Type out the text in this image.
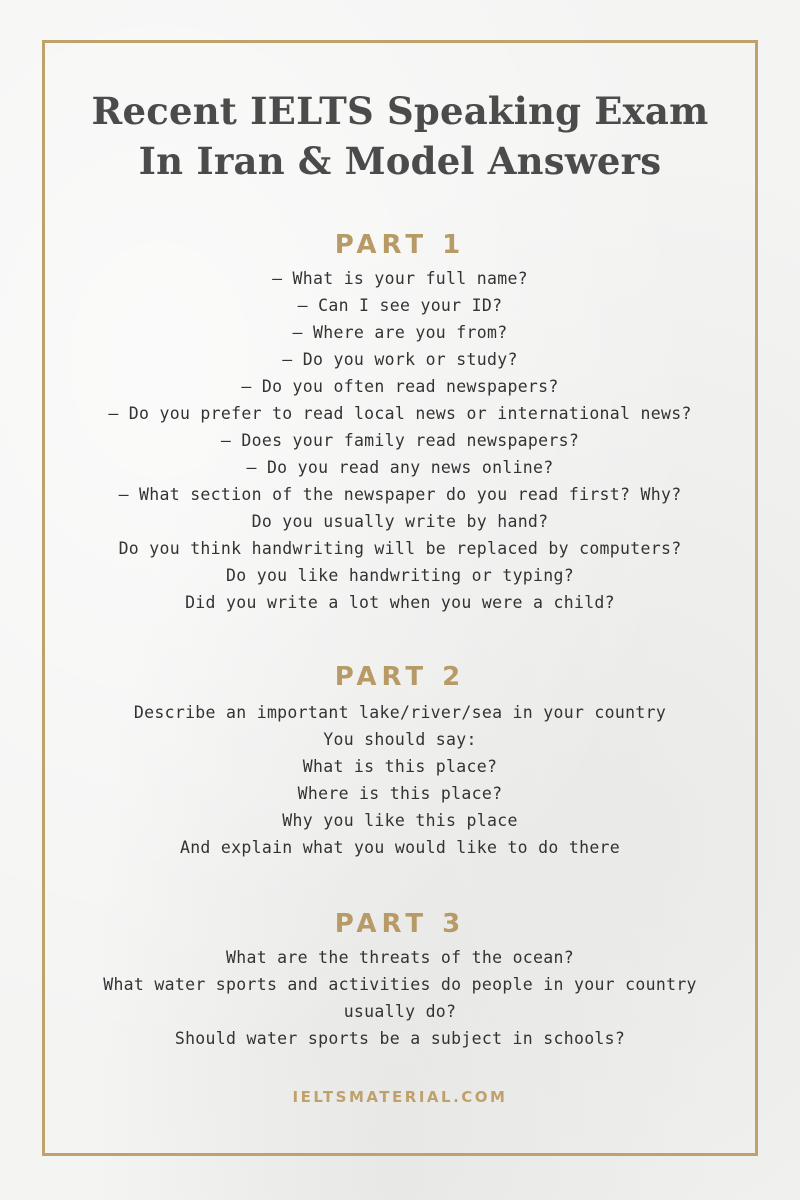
Recent IELTS Speaking Exam
In Iran & Model Answers
PART 1
– What is your full name?
– Can I see your ID?
– Where are you from?
– Do you work or study?
– Do you often read newspapers?
– Do you prefer to read local news or international news?
– Does your family read newspapers?
– Do you read any news online?
– What section of the newspaper do you read first? Why?
Do you usually write by hand?
Do you think handwriting will be replaced by computers?
Do you like handwriting or typing?
Did you write a lot when you were a child?
PART 2
Describe an important lake/river/sea in your country
You should say:
What is this place?
Where is this place?
Why you like this place
And explain what you would like to do there
PART 3
What are the threats of the ocean?
What water sports and activities do people in your country
usually do?
Should water sports be a subject in schools?
IELTSMATERIAL.COM
